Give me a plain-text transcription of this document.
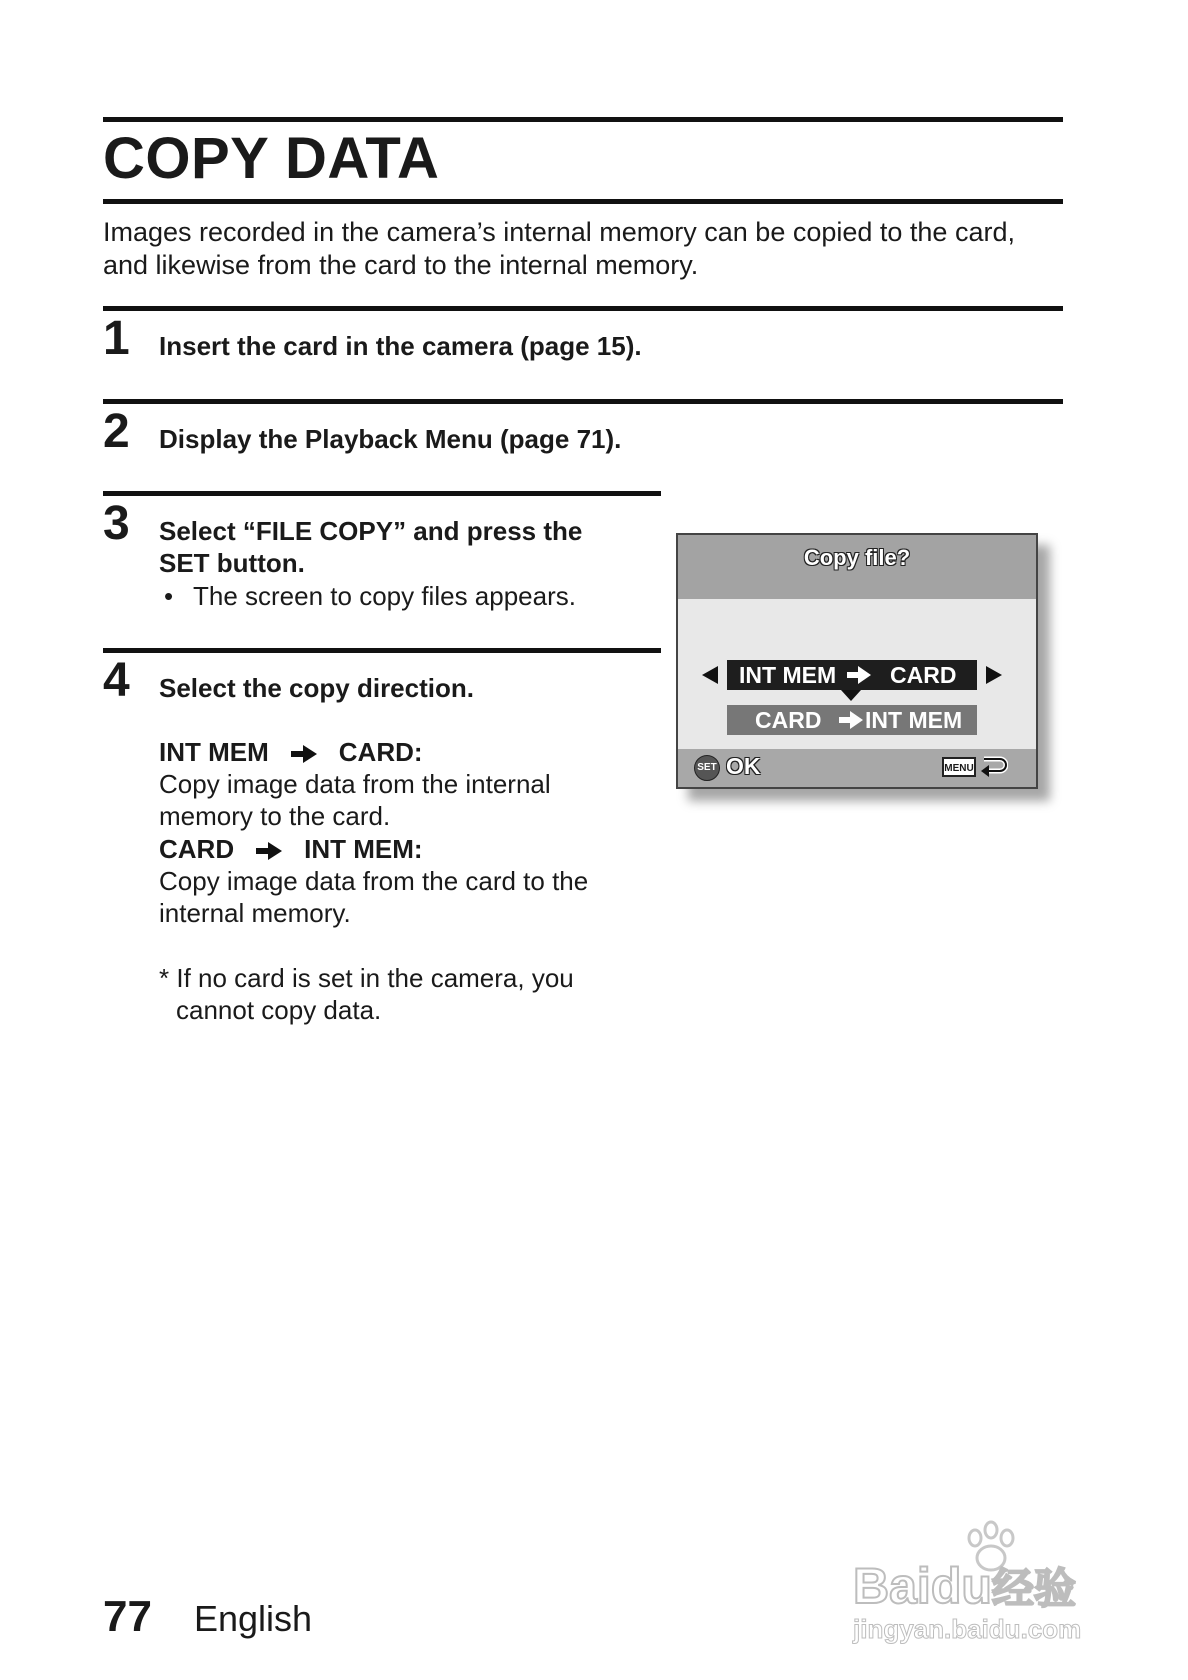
COPY DATA

Images recorded in the camera’s internal memory can be copied to the card, and likewise from the card to the internal memory.

1 Insert the card in the camera (page 15).
2 Display the Playback Menu (page 71).
3 Select “FILE COPY” and press the
SET button.
• The screen to copy files appears.
4 Select the copy direction.
INT MEM	CARD:
Copy image data from the internal
memory to the card.
CARD	INT MEM:
Copy image data from the card to the
internal memory.
* If no card is set in the camera, you
cannot copy data.
Copy file?
INT MEM CARD
CARD INT MEM
SET OK	MENU
77 English
Baidu经验
jingyan.baidu.com
